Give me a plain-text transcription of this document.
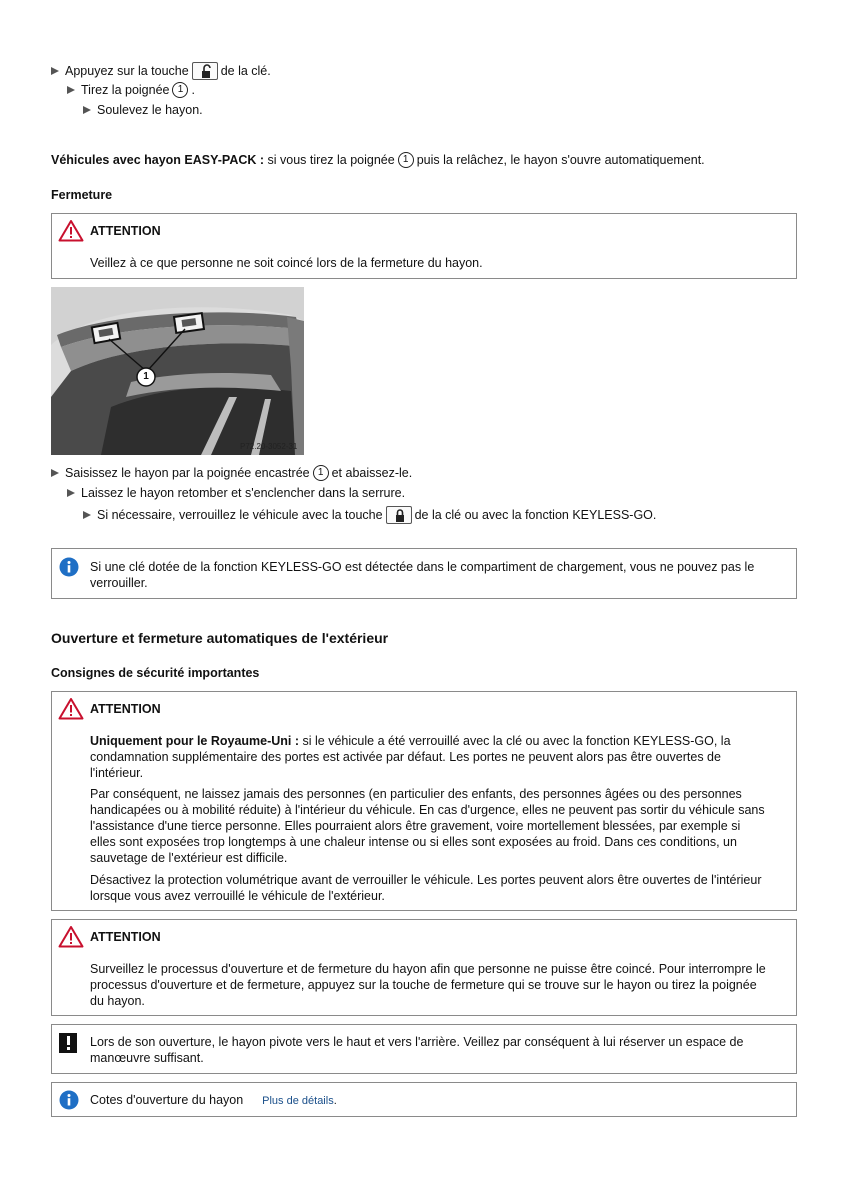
Appuyez sur la touche	de la clé.
Tirez la poignée 1 .
Soulevez le hayon.
Véhicules avec hayon EASY-PACK :
si vous tirez la poignée 1 puis la relâchez, le hayon s'ouvre automatiquement.
Fermeture

ATTENTION

Veillez à ce que personne ne soit coincé lors de la fermeture du hayon.

1
P72.20-3052-31
Saisissez le hayon par la poignée encastrée 1 et abaissez-le.
Laissez le hayon retomber et s'enclencher dans la serrure.
Si nécessaire, verrouillez le véhicule avec la touche	de la clé ou avec la fonction KEYLESS-GO.

Si une clé dotée de la fonction KEYLESS-GO est détectée dans le compartiment de chargement, vous ne pouvez pas le

verrouiller.

Ouverture et fermeture automatiques de l'extérieur
Consignes de sécurité importantes

ATTENTION

Uniquement pour le Royaume-Uni : si le véhicule a été verrouillé avec la clé ou avec la fonction KEYLESS-GO, la

condamnation supplémentaire des portes est activée par défaut. Les portes ne peuvent alors pas être ouvertes de

l'intérieur.

Par conséquent, ne laissez jamais des personnes (en particulier des enfants, des personnes âgées ou des personnes

handicapées ou à mobilité réduite) à l'intérieur du véhicule. En cas d'urgence, elles ne peuvent pas sortir du véhicule sans

l'assistance d'une tierce personne. Elles pourraient alors être gravement, voire mortellement blessées, par exemple si

elles sont exposées trop longtemps à une chaleur intense ou si elles sont exposées au froid. Dans ces conditions, un

sauvetage de l'extérieur est difficile.

Désactivez la protection volumétrique avant de verrouiller le véhicule. Les portes peuvent alors être ouvertes de l'intérieur

lorsque vous avez verrouillé le véhicule de l'extérieur.

ATTENTION

Surveillez le processus d'ouverture et de fermeture du hayon afin que personne ne puisse être coincé. Pour interrompre le

processus d'ouverture et de fermeture, appuyez sur la touche de fermeture qui se trouve sur le hayon ou tirez la poignée

du hayon.

Lors de son ouverture, le hayon pivote vers le haut et vers l'arrière. Veillez par conséquent à lui réserver un espace de

manœuvre suffisant.

Cotes d'ouverture du hayon Plus de détails.
